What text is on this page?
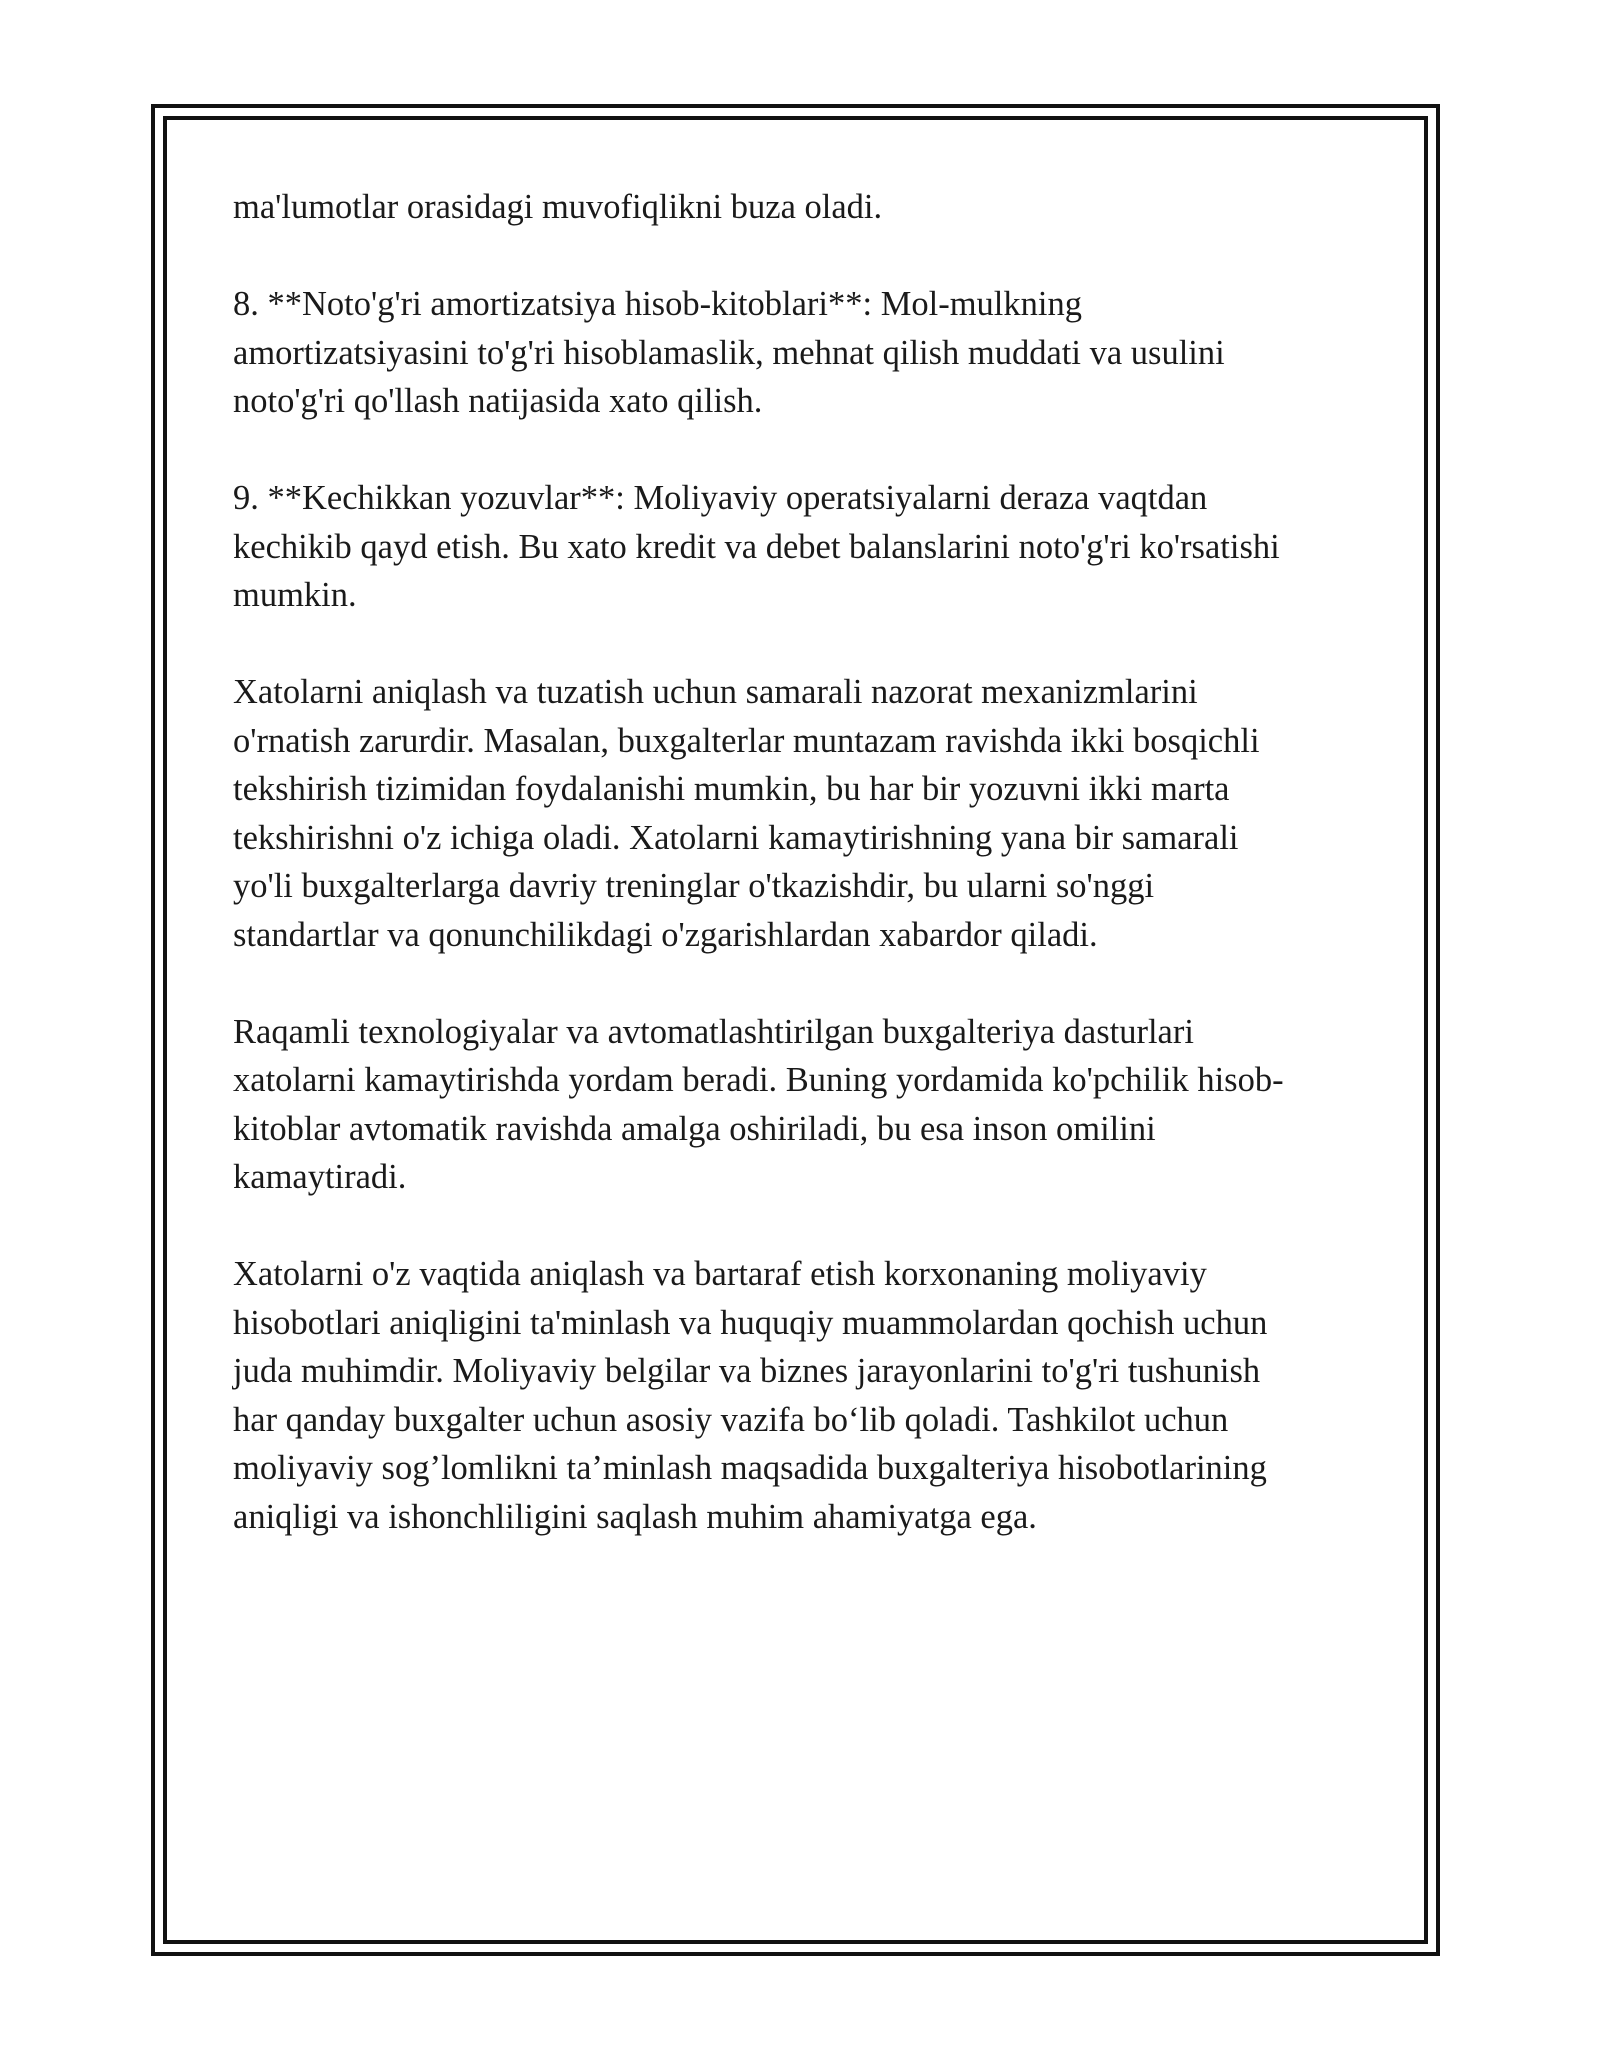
ma'lumotlar orasidagi muvofiqlikni buza oladi.

8. **Noto'g'ri amortizatsiya hisob-kitoblari**: Mol-mulkning
amortizatsiyasini to'g'ri hisoblamaslik, mehnat qilish muddati va usulini
noto'g'ri qo'llash natijasida xato qilish.

9. **Kechikkan yozuvlar**: Moliyaviy operatsiyalarni deraza vaqtdan
kechikib qayd etish. Bu xato kredit va debet balanslarini noto'g'ri ko'rsatishi
mumkin.

Xatolarni aniqlash va tuzatish uchun samarali nazorat mexanizmlarini
o'rnatish zarurdir. Masalan, buxgalterlar muntazam ravishda ikki bosqichli
tekshirish tizimidan foydalanishi mumkin, bu har bir yozuvni ikki marta
tekshirishni o'z ichiga oladi. Xatolarni kamaytirishning yana bir samarali
yo'li buxgalterlarga davriy treninglar o'tkazishdir, bu ularni so'nggi
standartlar va qonunchilikdagi o'zgarishlardan xabardor qiladi.

Raqamli texnologiyalar va avtomatlashtirilgan buxgalteriya dasturlari
xatolarni kamaytirishda yordam beradi. Buning yordamida ko'pchilik hisob-
kitoblar avtomatik ravishda amalga oshiriladi, bu esa inson omilini
kamaytiradi.

Xatolarni o'z vaqtida aniqlash va bartaraf etish korxonaning moliyaviy
hisobotlari aniqligini ta'minlash va huquqiy muammolardan qochish uchun
juda muhimdir. Moliyaviy belgilar va biznes jarayonlarini to'g'ri tushunish
har qanday buxgalter uchun asosiy vazifa bo‘lib qoladi. Tashkilot uchun
moliyaviy sog’lomlikni ta’minlash maqsadida buxgalteriya hisobotlarining
aniqligi va ishonchliligini saqlash muhim ahamiyatga ega.
